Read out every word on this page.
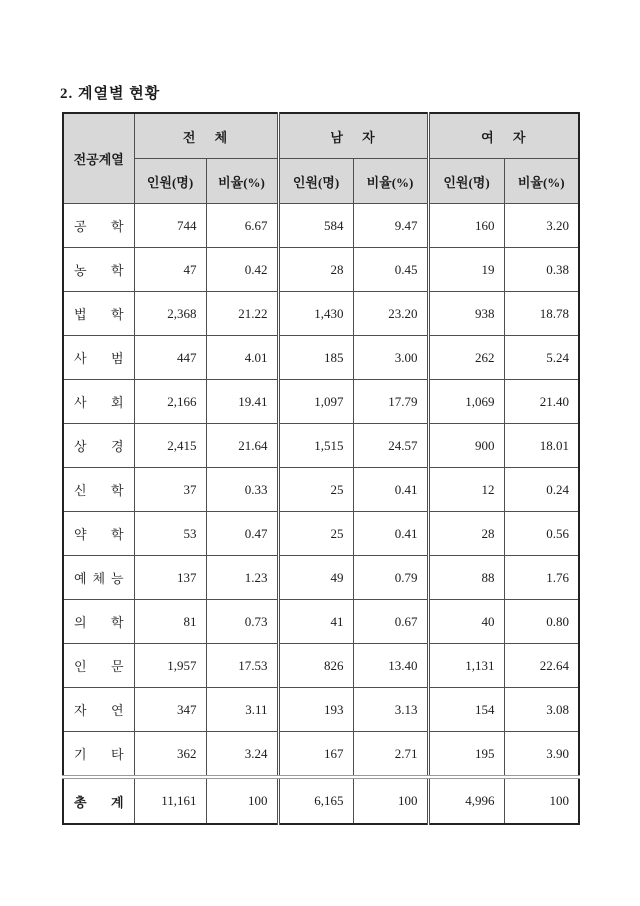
2. 계열별 현황
전공계열	전 체		남 자		여 자	
	인원(명)	비율(%)	인원(명)	비율(%)	인원(명)	비율(%)

공 학	744	6.67	584	9.47	160	3.20

농 학	47	0.42	28	0.45	19	0.38

법 학	2,368	21.22	1,430	23.20	938	18.78

사 범	447	4.01	185	3.00	262	5.24

사 회	2,166	19.41	1,097	17.79	1,069	21.40

상 경	2,415	21.64	1,515	24.57	900	18.01

신 학	37	0.33	25	0.41	12	0.24

약 학	53	0.47	25	0.41	28	0.56

예 체 능	137	1.23	49	0.79	88	1.76

의 학	81	0.73	41	0.67	40	0.80

인 문	1,957	17.53	826	13.40	1,131	22.64

자 연	347	3.11	193	3.13	154	3.08

기 타	362	3.24	167	2.71	195	3.90

총 계	11,161	100	6,165	100	4,996	100
